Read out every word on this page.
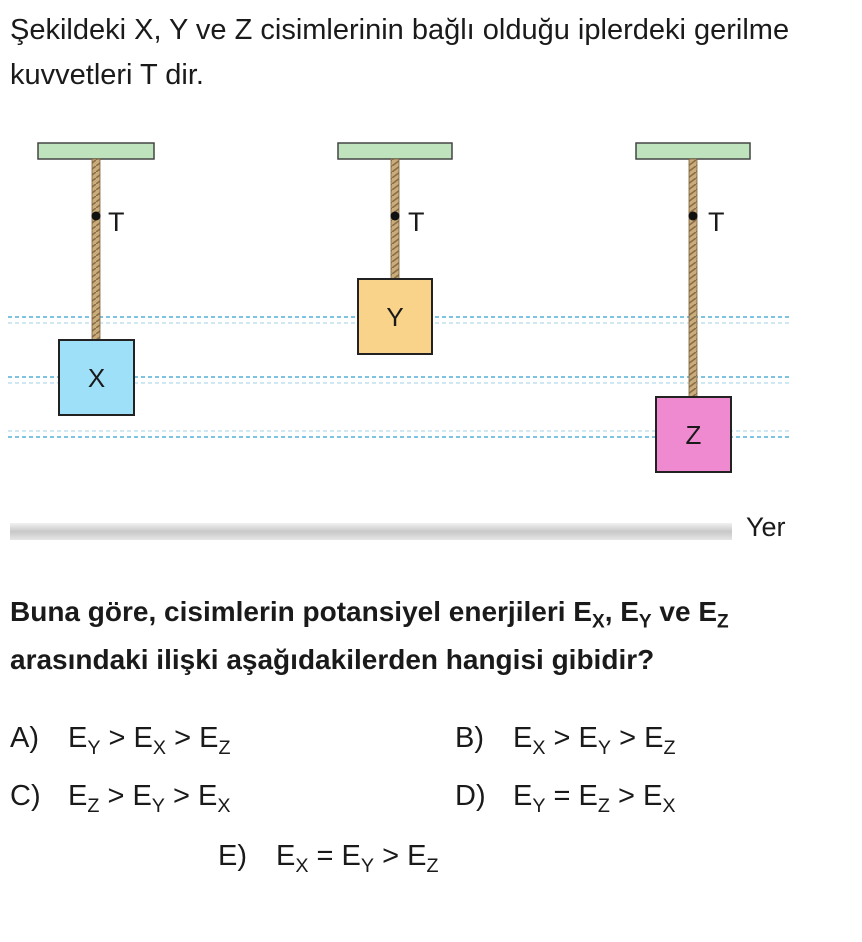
Şekildeki X, Y ve Z cisimlerinin bağlı olduğu iplerdeki gerilme kuvvetleri T dir.

T
X
T
Y
T
Z
Yer

Buna göre, cisimlerin potansiyel enerjileri $E_X$, $E_Y$ ve $E_Z$ arasındaki ilişki aşağıdakilerden hangisi gibidir?

A) $E_Y > E_X > E_Z$	B) $E_X > E_Y > E_Z$
C) $E_Z > E_Y > E_X$	D) $E_Y = E_Z > E_X$
E) $E_X = E_Y > E_Z$
